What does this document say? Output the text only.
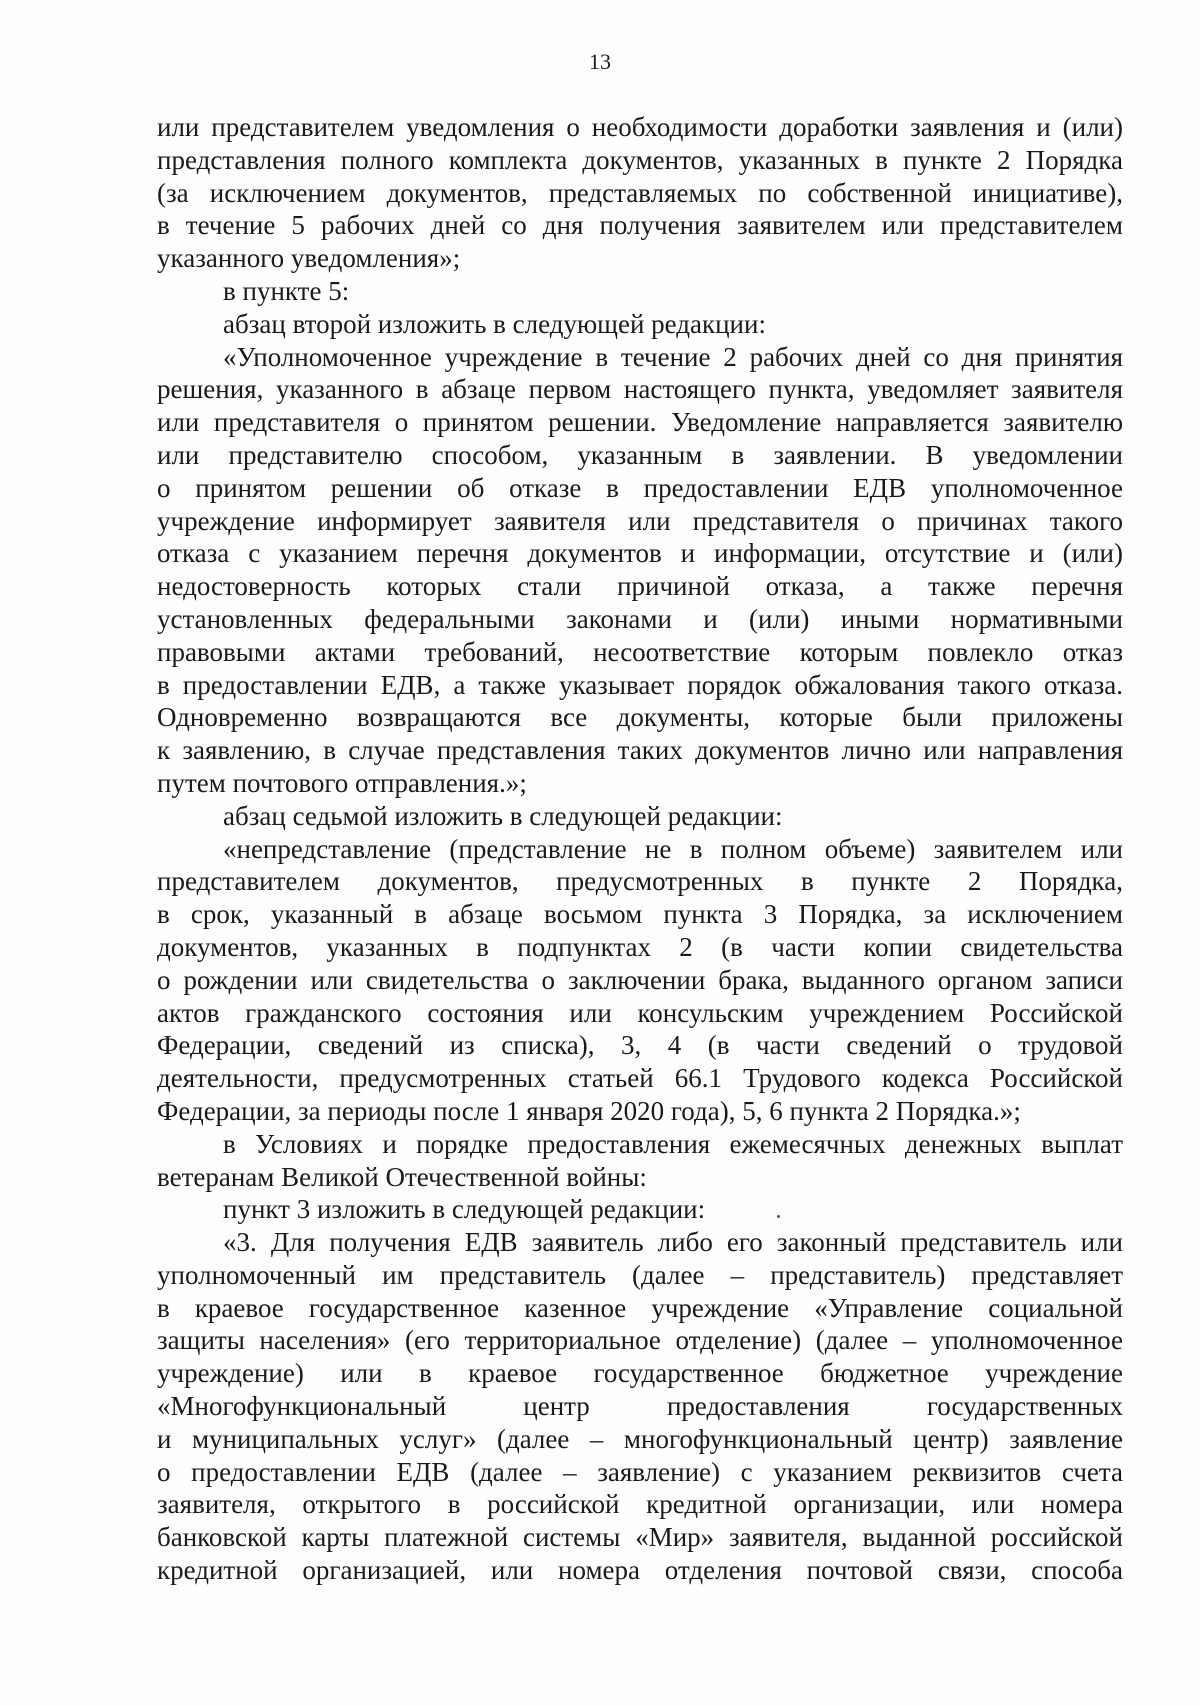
13
или представителем уведомления о необходимости доработки заявления и (или)
представления полного комплекта документов, указанных в пункте 2 Порядка
(за исключением документов, представляемых по собственной инициативе),
в течение 5 рабочих дней со дня получения заявителем или представителем
указанного уведомления»;
в пункте 5:
абзац второй изложить в следующей редакции:
«Уполномоченное учреждение в течение 2 рабочих дней со дня принятия
решения, указанного в абзаце первом настоящего пункта, уведомляет заявителя
или представителя о принятом решении. Уведомление направляется заявителю
или представителю способом, указанным в заявлении. В уведомлении
о принятом решении об отказе в предоставлении ЕДВ уполномоченное
учреждение информирует заявителя или представителя о причинах такого
отказа с указанием перечня документов и информации, отсутствие и (или)
недостоверность которых стали причиной отказа, а также перечня
установленных федеральными законами и (или) иными нормативными
правовыми актами требований, несоответствие которым повлекло отказ
в предоставлении ЕДВ, а также указывает порядок обжалования такого отказа.
Одновременно возвращаются все документы, которые были приложены
к заявлению, в случае представления таких документов лично или направления
путем почтового отправления.»;
абзац седьмой изложить в следующей редакции:
«непредставление (представление не в полном объеме) заявителем или
представителем документов, предусмотренных в пункте 2 Порядка,
в срок, указанный в абзаце восьмом пункта 3 Порядка, за исключением
документов, указанных в подпунктах 2 (в части копии свидетельства
о рождении или свидетельства о заключении брака, выданного органом записи
актов гражданского состояния или консульским учреждением Российской
Федерации, сведений из списка), 3, 4 (в части сведений о трудовой
деятельности, предусмотренных статьей 66.1 Трудового кодекса Российской
Федерации, за периоды после 1 января 2020 года), 5, 6 пункта 2 Порядка.»;
в Условиях и порядке предоставления ежемесячных денежных выплат
ветеранам Великой Отечественной войны:
пункт 3 изложить в следующей редакции:
«3. Для получения ЕДВ заявитель либо его законный представитель или
уполномоченный им представитель (далее – представитель) представляет
в краевое государственное казенное учреждение «Управление социальной
защиты населения» (его территориальное отделение) (далее – уполномоченное
учреждение) или в краевое государственное бюджетное учреждение
«Многофункциональный центр предоставления государственных
и муниципальных услуг» (далее – многофункциональный центр) заявление
о предоставлении ЕДВ (далее – заявление) с указанием реквизитов счета
заявителя, открытого в российской кредитной организации, или номера
банковской карты платежной системы «Мир» заявителя, выданной российской
кредитной организацией, или номера отделения почтовой связи, способа
